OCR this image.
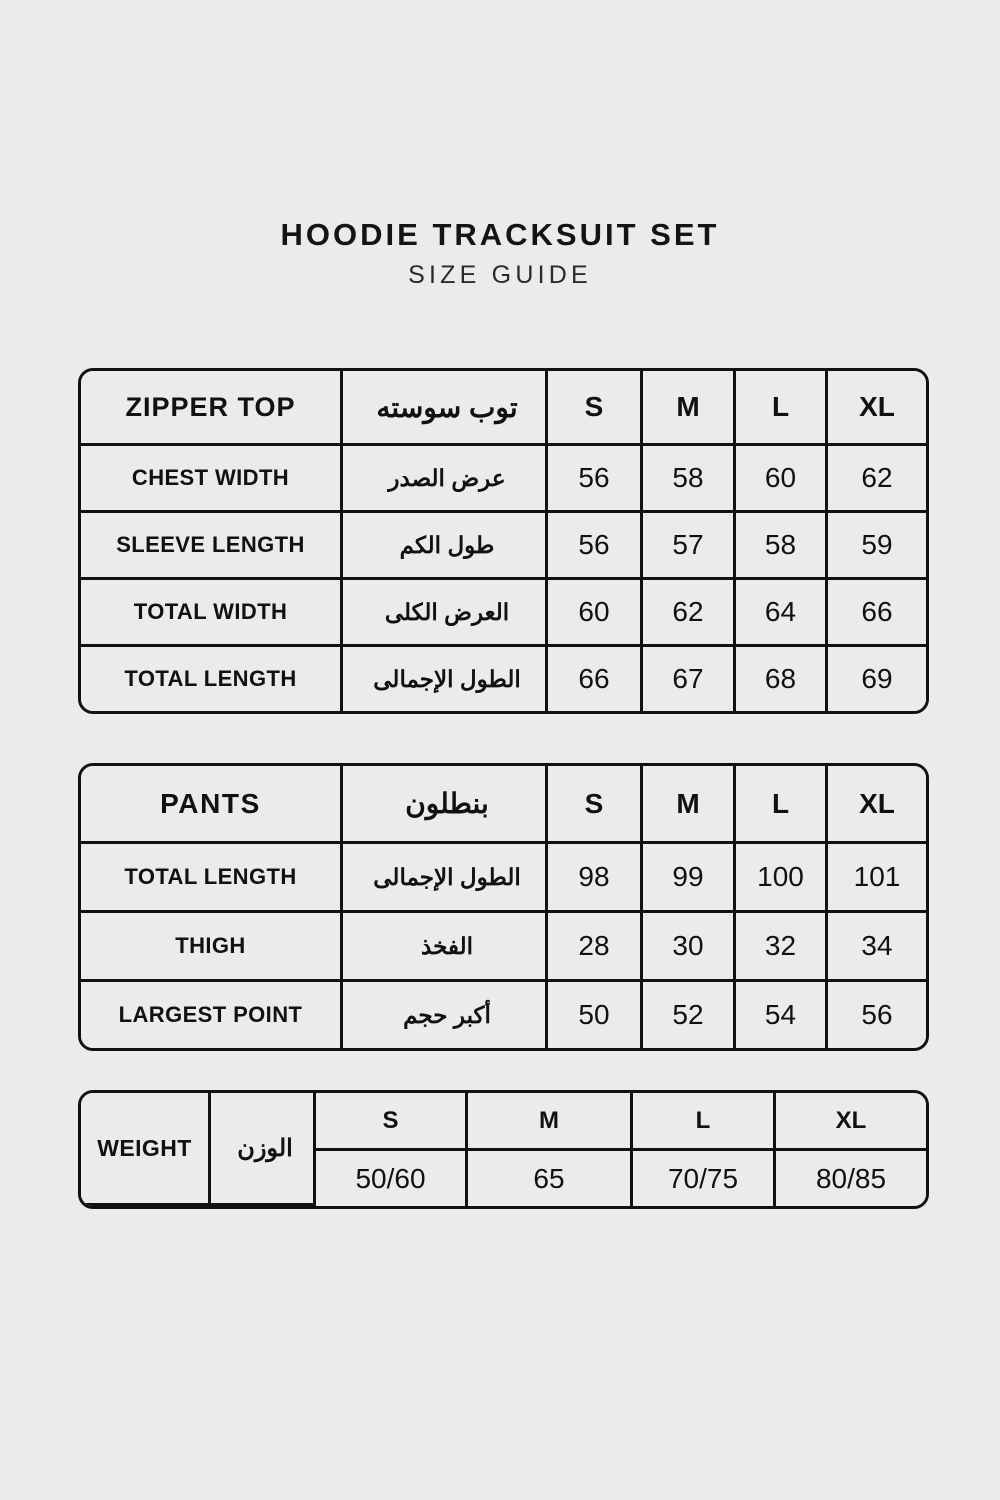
HOODIE TRACKSUIT SET
SIZE GUIDE
ZIPPER TOP	توب سوسته	S	M	L	XL
CHEST WIDTH	عرض الصدر	56	58	60	62
SLEEVE LENGTH	طول الكم	56	57	58	59
TOTAL WIDTH	العرض الكلى	60	62	64	66
TOTAL LENGTH	الطول الإجمالى	66	67	68	69
PANTS	بنطلون	S	M	L	XL
TOTAL LENGTH	الطول الإجمالى	98	99	100	101
THIGH	الفخذ	28	30	32	34
LARGEST POINT	أكبر حجم	50	52	54	56
WEIGHT	الوزن	S	M	L	XL
		50/60	65	70/75	80/85
